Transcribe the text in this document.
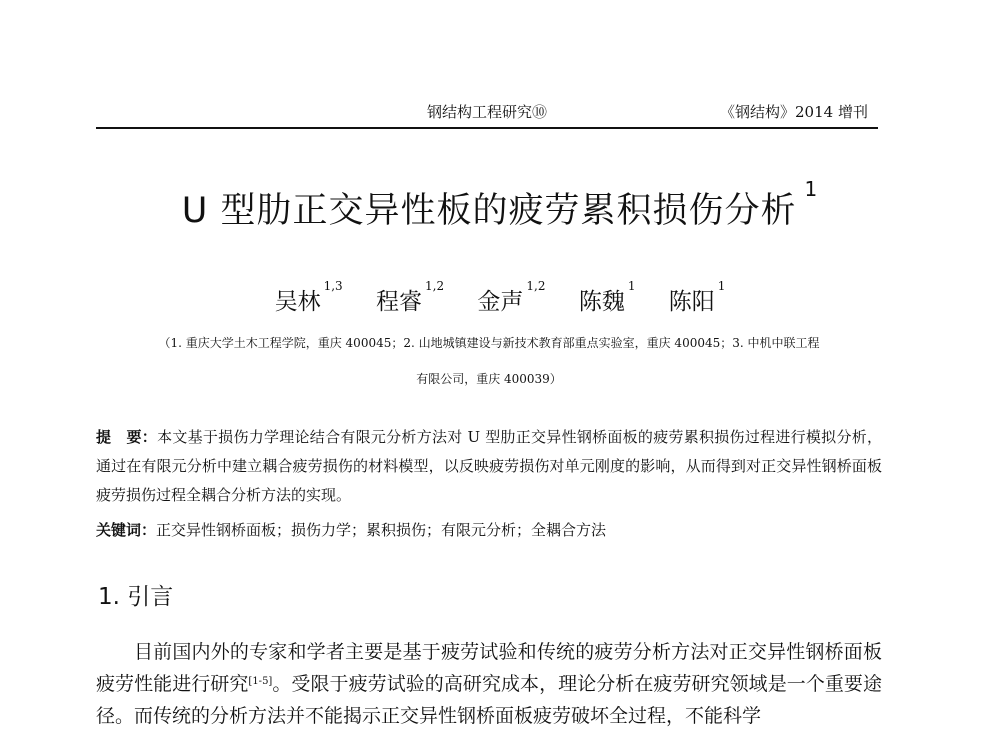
钢结构工程研究⑩	《钢结构》2014 增刊
U 型肋正交异性板的疲劳累积损伤分析$^1$
吴林$^{1,3}$ 程睿$^{1,2}$ 金声$^{1,2}$ 陈魏$^1$ 陈阳$^1$
（1. 重庆大学土木工程学院，重庆 400045；2. 山地城镇建设与新技术教育部重点实验室，重庆 400045；3. 中机中联工程
有限公司，重庆 400039）
提　要：本文基于损伤力学理论结合有限元分析方法对 U 型肋正交异性钢桥面板的疲劳累积损伤过程进行模拟分析，通过在有限元分析中建立耦合疲劳损伤的材料模型，以反映疲劳损伤对单元刚度的影响，从而得到对正交异性钢桥面板疲劳损伤过程全耦合分析方法的实现。
关键词：正交异性钢桥面板；损伤力学；累积损伤；有限元分析；全耦合方法
1. 引言
目前国内外的专家和学者主要是基于疲劳试验和传统的疲劳分析方法对正交异性钢桥面板疲劳性能进行研究[1-5]。受限于疲劳试验的高研究成本，理论分析在疲劳研究领域是一个重要途径。而传统的分析方法并不能揭示正交异性钢桥面板疲劳破坏全过程，不能科学
